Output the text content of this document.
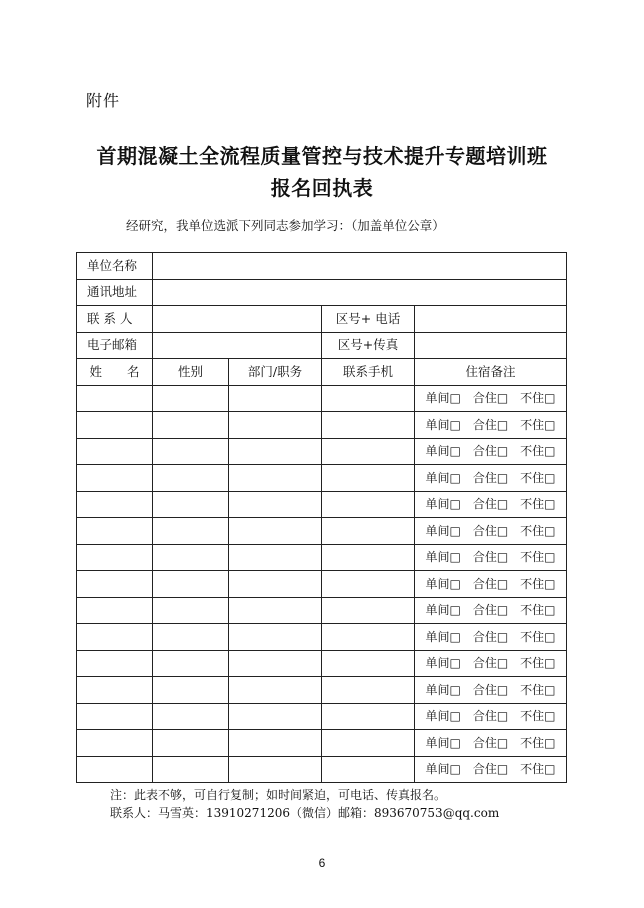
附件
首期混凝土全流程质量管控与技术提升专题培训班
报名回执表
经研究，我单位选派下列同志参加学习：（加盖单位公章）
单位名称				
通讯地址				
联 系 人			区号+ 电话	
电子邮箱			区号+传真	
姓　　名	性别	部门/职务	联系手机	住宿备注
				单间□　合住□　不住□
				单间□　合住□　不住□
				单间□　合住□　不住□
				单间□　合住□　不住□
				单间□　合住□　不住□
				单间□　合住□　不住□
				单间□　合住□　不住□
				单间□　合住□　不住□
				单间□　合住□　不住□
				单间□　合住□　不住□
				单间□　合住□　不住□
				单间□　合住□　不住□
				单间□　合住□　不住□
				单间□　合住□　不住□
				单间□　合住□　不住□
注：此表不够，可自行复制；如时间紧迫，可电话、传真报名。
联系人：马雪英：13910271206（微信）邮箱：893670753@qq.com
6
